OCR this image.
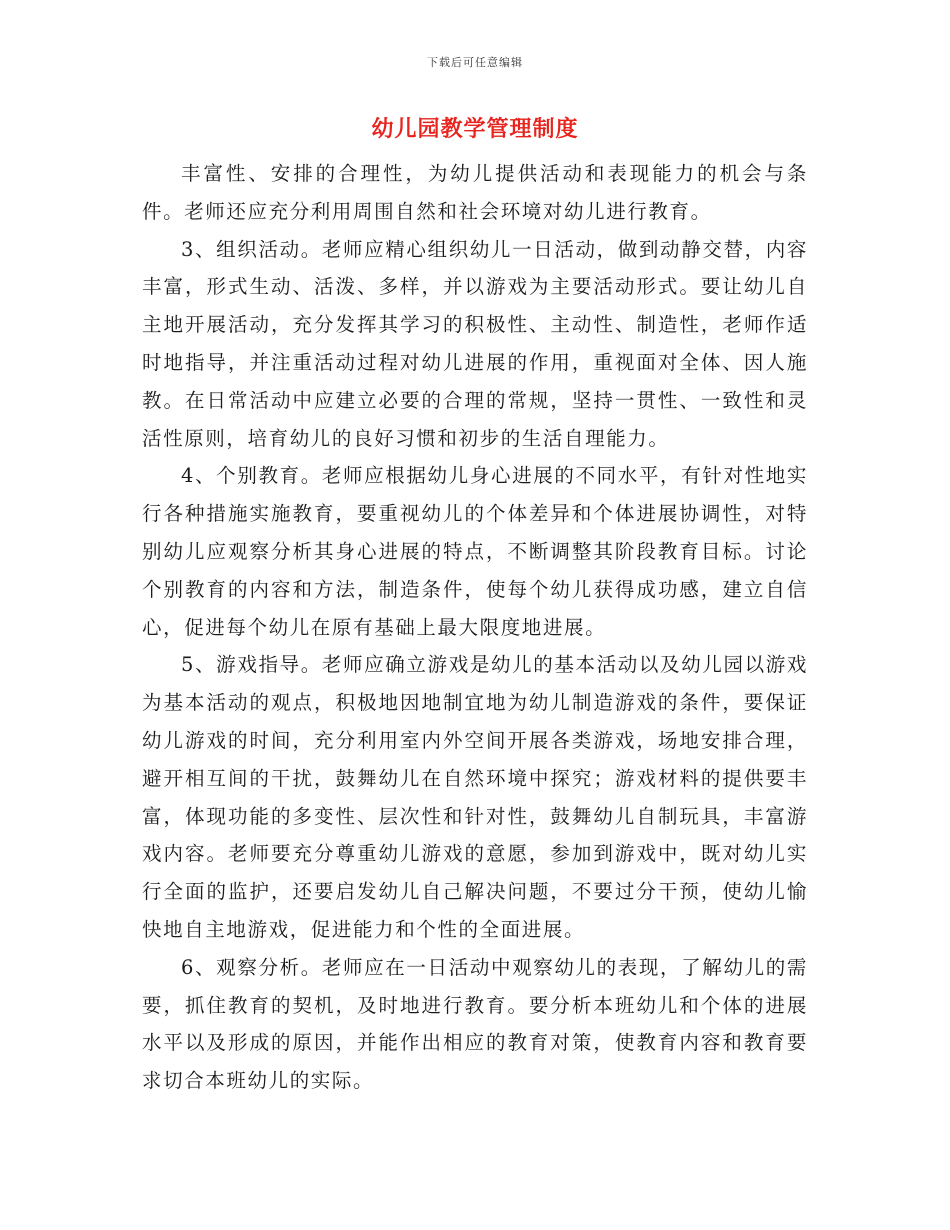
下载后可任意编辑
幼儿园教学管理制度

丰富性、安排的合理性，为幼儿提供活动和表现能力的机会与条件。老师还应充分利用周围自然和社会环境对幼儿进行教育。

3、组织活动。老师应精心组织幼儿一日活动，做到动静交替，内容丰富，形式生动、活泼、多样，并以游戏为主要活动形式。要让幼儿自主地开展活动，充分发挥其学习的积极性、主动性、制造性，老师作适时地指导，并注重活动过程对幼儿进展的作用，重视面对全体、因人施教。在日常活动中应建立必要的合理的常规，坚持一贯性、一致性和灵活性原则，培育幼儿的良好习惯和初步的生活自理能力。

4、个别教育。老师应根据幼儿身心进展的不同水平，有针对性地实行各种措施实施教育，要重视幼儿的个体差异和个体进展协调性，对特别幼儿应观察分析其身心进展的特点，不断调整其阶段教育目标。讨论个别教育的内容和方法，制造条件，使每个幼儿获得成功感，建立自信心，促进每个幼儿在原有基础上最大限度地进展。

5、游戏指导。老师应确立游戏是幼儿的基本活动以及幼儿园以游戏为基本活动的观点，积极地因地制宜地为幼儿制造游戏的条件，要保证幼儿游戏的时间，充分利用室内外空间开展各类游戏，场地安排合理，避开相互间的干扰，鼓舞幼儿在自然环境中探究；游戏材料的提供要丰富，体现功能的多变性、层次性和针对性，鼓舞幼儿自制玩具，丰富游戏内容。老师要充分尊重幼儿游戏的意愿，参加到游戏中，既对幼儿实行全面的监护，还要启发幼儿自己解决问题，不要过分干预，使幼儿愉快地自主地游戏，促进能力和个性的全面进展。

6、观察分析。老师应在一日活动中观察幼儿的表现，了解幼儿的需要，抓住教育的契机，及时地进行教育。要分析本班幼儿和个体的进展水平以及形成的原因，并能作出相应的教育对策，使教育内容和教育要求切合本班幼儿的实际。
